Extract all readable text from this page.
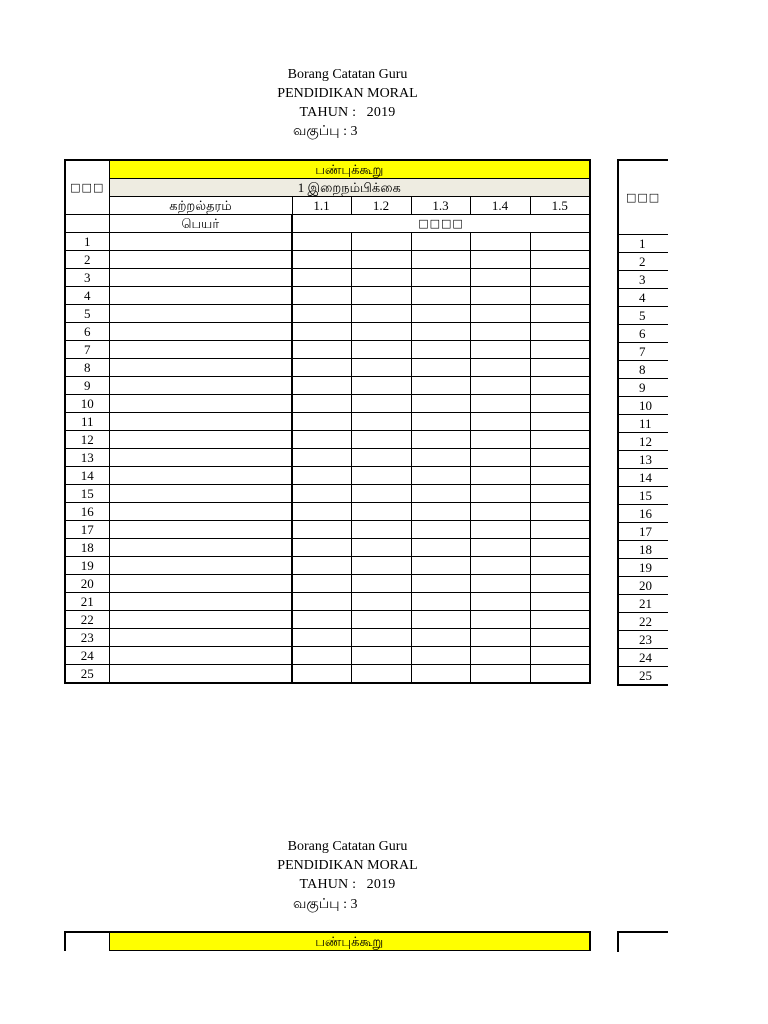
Borang Catatan Guru
PENDIDIKAN MORAL
TAHUN : 2019
வகுப்பு : 3
□□□	பண்புக்கூறு					
	1 இறைநம்பிக்கை					
	கற்றல்தரம்	1.1	1.2	1.3	1.4	1.5
	பெயர்	□□□□				
1						
2						
3						
4						
5						
6						
7						
8						
9						
10						
11						
12						
13						
14						
15						
16						
17						
18						
19						
20						
21						
22						
23						
24						
25						
□□□
1
2
3
4
5
6
7
8
9
10
11
12
13
14
15
16
17
18
19
20
21
22
23
24
25
Borang Catatan Guru
PENDIDIKAN MORAL
TAHUN : 2019
வகுப்பு : 3
	பண்புக்கூறு
